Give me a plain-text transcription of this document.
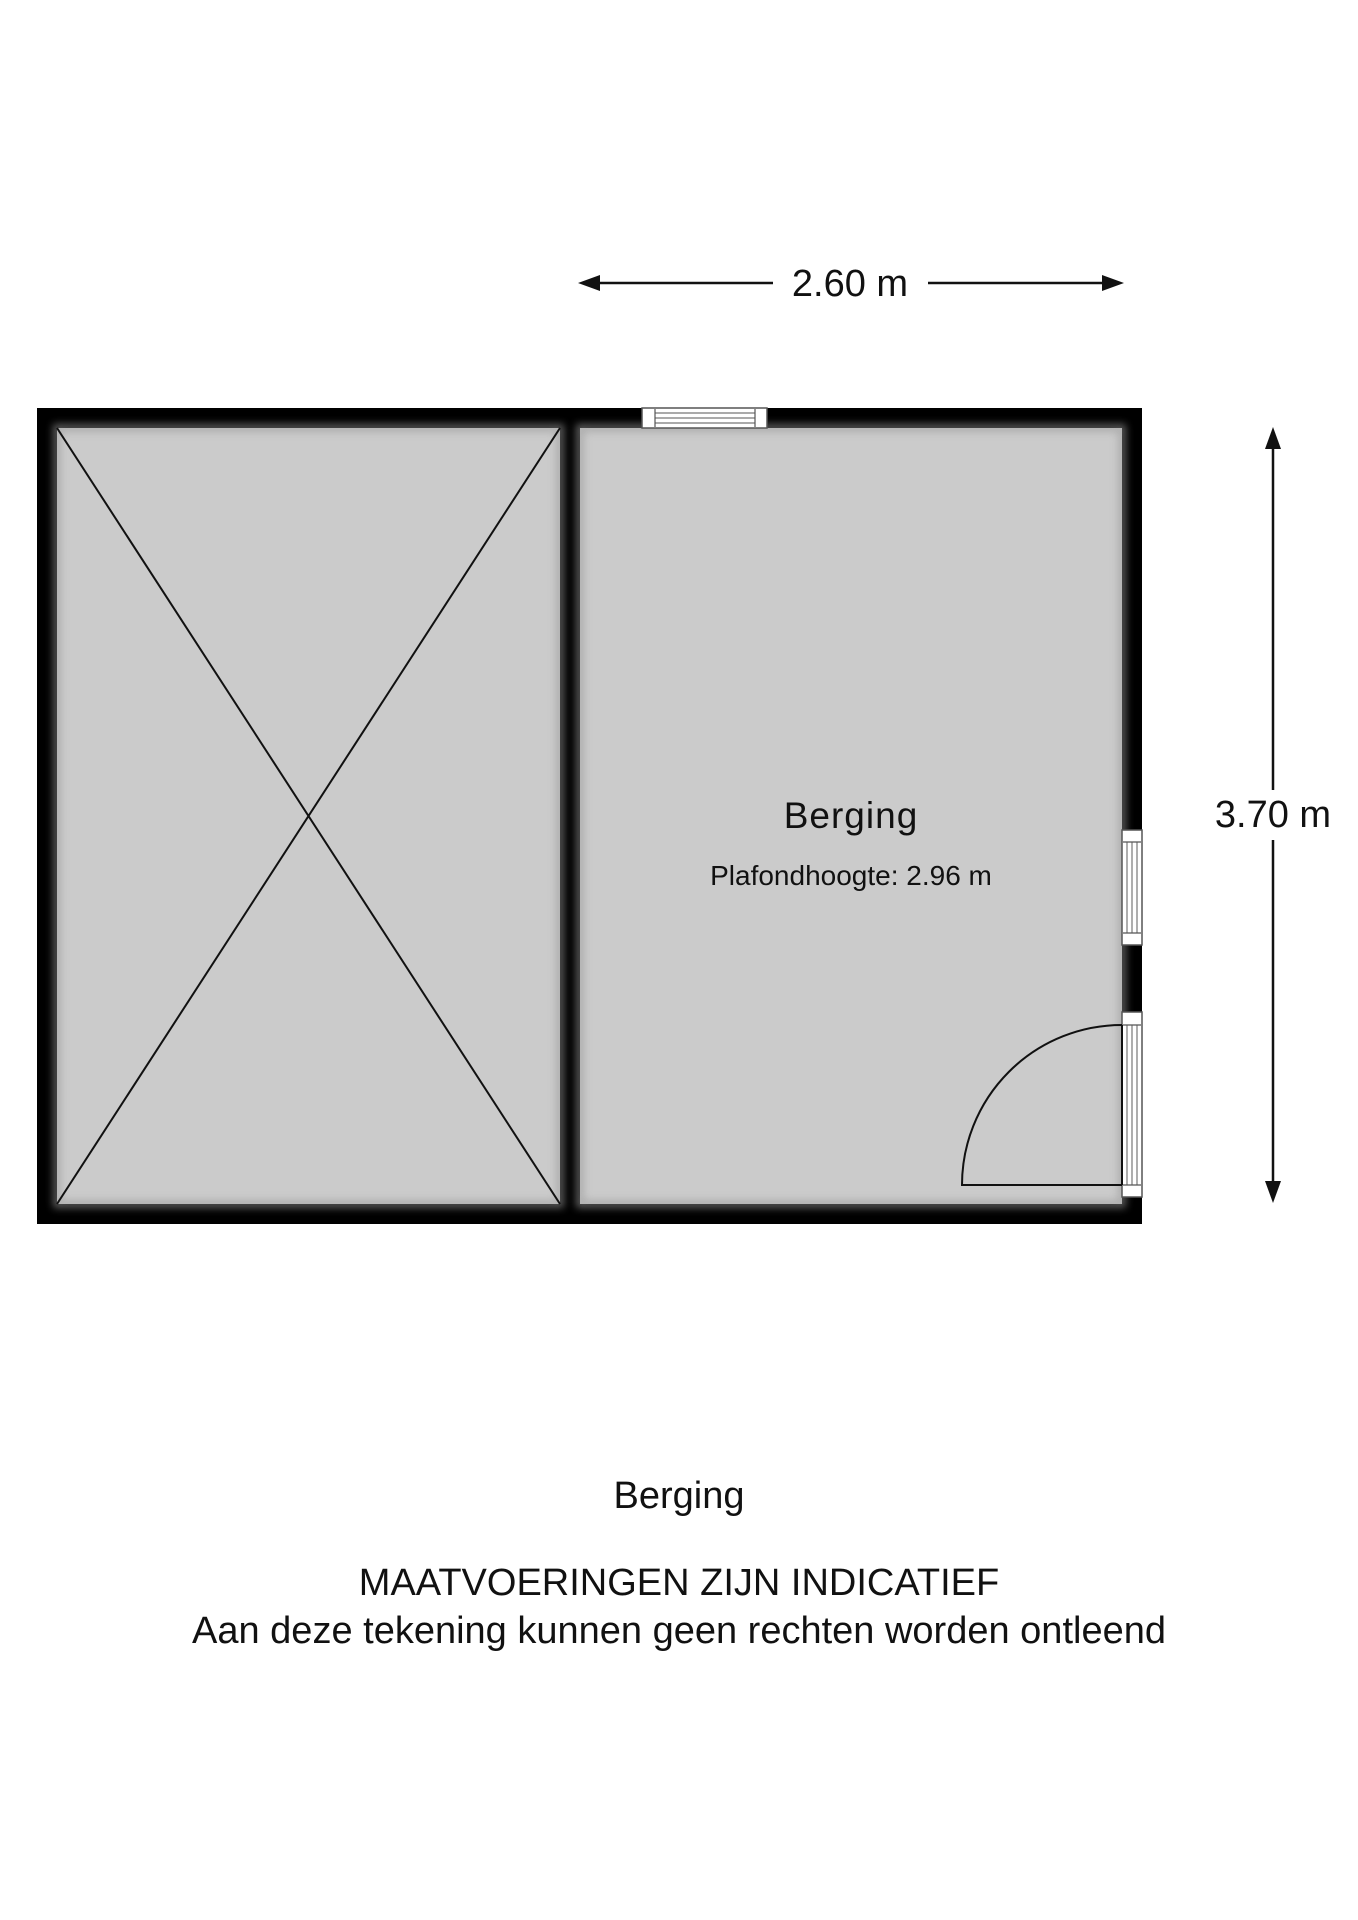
2.60 m
3.70 m
Berging
Plafondhoogte: 2.96 m
Berging
MAATVOERINGEN ZIJN INDICATIEF
Aan deze tekening kunnen geen rechten worden ontleend
